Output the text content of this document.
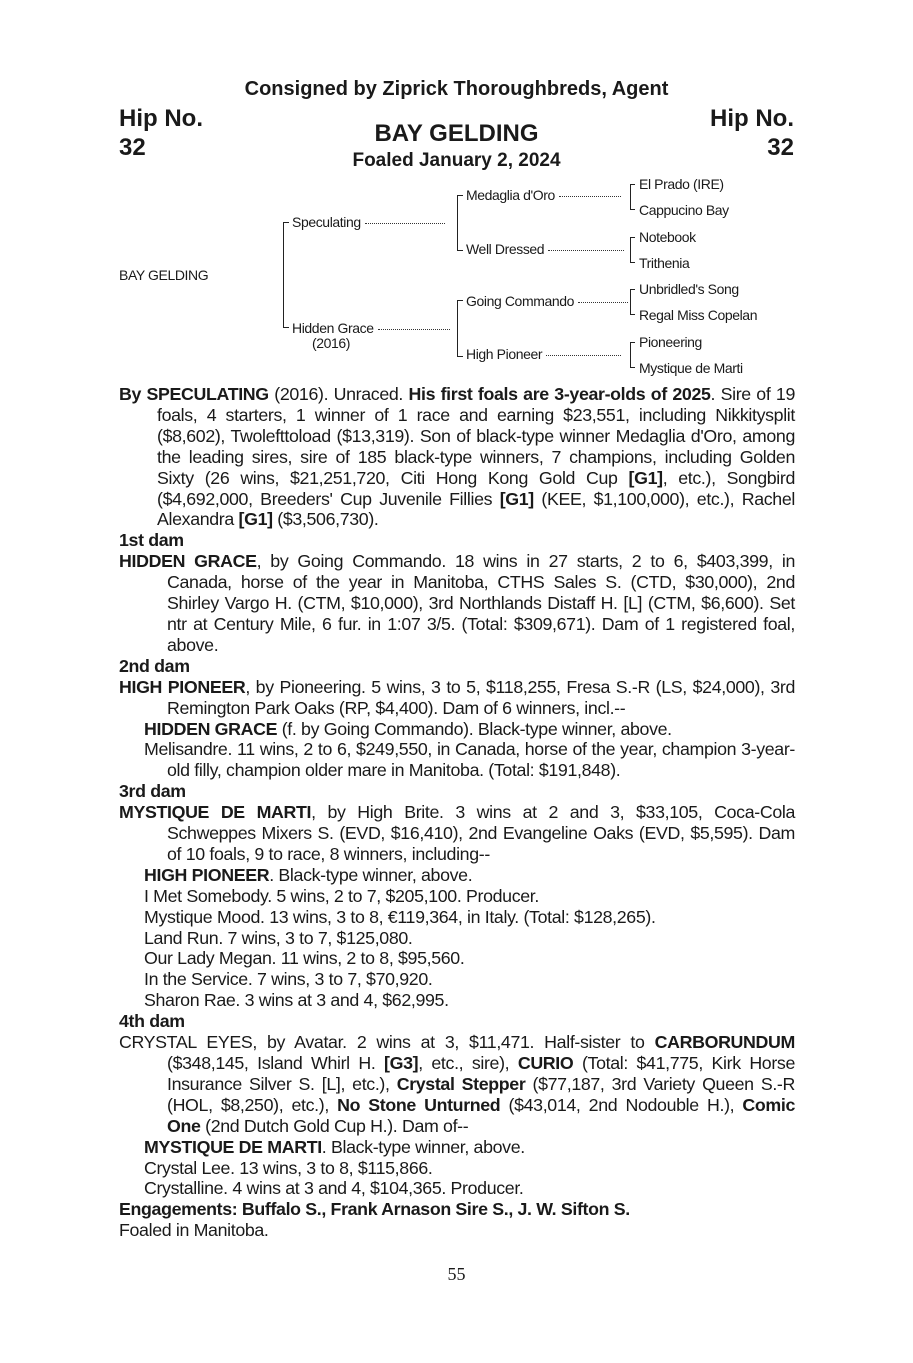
Consigned by Ziprick Thoroughbreds, Agent
Hip No.
32
Hip No.
32
BAY GELDING
Foaled January 2, 2024
BAY GELDING
Speculating
Hidden Grace
(2016)
Medaglia d'Oro
Well Dressed
Going Commando
High Pioneer
El Prado (IRE)
Cappucino Bay
Notebook
Trithenia
Unbridled's Song
Regal Miss Copelan
Pioneering
Mystique de Marti

By SPECULATING (2016). Unraced. His first foals are 3-year-olds of 2025. Sire of 19 foals, 4 starters, 1 winner of 1 race and earning $23,551, including Nikkitysplit ($8,602), Twolefttoload ($13,319). Son of black-type winner Medaglia d'Oro, among the leading sires, sire of 185 black-type winners, 7 champions, including Golden Sixty (26 wins, $21,251,720, Citi Hong Kong Gold Cup [G1], etc.), Songbird ($4,692,000, Breeders' Cup Juvenile Fillies [G1] (KEE, $1,100,000), etc.), Rachel Alexandra [G1] ($3,506,730).

1st dam

HIDDEN GRACE, by Going Commando. 18 wins in 27 starts, 2 to 6, $403,399, in Canada, horse of the year in Manitoba, CTHS Sales S. (CTD, $30,000), 2nd Shirley Vargo H. (CTM, $10,000), 3rd Northlands Distaff H. [L] (CTM, $6,600). Set ntr at Century Mile, 6 fur. in 1:07 3/5. (Total: $309,671). Dam of 1 registered foal, above.

2nd dam

HIGH PIONEER, by Pioneering. 5 wins, 3 to 5, $118,255, Fresa S.-R (LS, $24,000), 3rd Remington Park Oaks (RP, $4,400). Dam of 6 winners, incl.--

HIDDEN GRACE (f. by Going Commando). Black-type winner, above.

Melisandre. 11 wins, 2 to 6, $249,550, in Canada, horse of the year, champion 3-year-old filly, champion older mare in Manitoba. (Total: $191,848).

3rd dam

MYSTIQUE DE MARTI, by High Brite. 3 wins at 2 and 3, $33,105, Coca-Cola Schweppes Mixers S. (EVD, $16,410), 2nd Evangeline Oaks (EVD, $5,595). Dam of 10 foals, 9 to race, 8 winners, including--

HIGH PIONEER. Black-type winner, above.

I Met Somebody. 5 wins, 2 to 7, $205,100. Producer.

Mystique Mood. 13 wins, 3 to 8, €119,364, in Italy. (Total: $128,265).

Land Run. 7 wins, 3 to 7, $125,080.

Our Lady Megan. 11 wins, 2 to 8, $95,560.

In the Service. 7 wins, 3 to 7, $70,920.

Sharon Rae. 3 wins at 3 and 4, $62,995.

4th dam

CRYSTAL EYES, by Avatar. 2 wins at 3, $11,471. Half-sister to CARBORUNDUM ($348,145, Island Whirl H. [G3], etc., sire), CURIO (Total: $41,775, Kirk Horse Insurance Silver S. [L], etc.), Crystal Stepper ($77,187, 3rd Variety Queen S.-R (HOL, $8,250), etc.), No Stone Unturned ($43,014, 2nd Nodouble H.), Comic One (2nd Dutch Gold Cup H.). Dam of--

MYSTIQUE DE MARTI. Black-type winner, above.

Crystal Lee. 13 wins, 3 to 8, $115,866.

Crystalline. 4 wins at 3 and 4, $104,365. Producer.

Engagements: Buffalo S., Frank Arnason Sire S., J. W. Sifton S.
Foaled in Manitoba.
55
